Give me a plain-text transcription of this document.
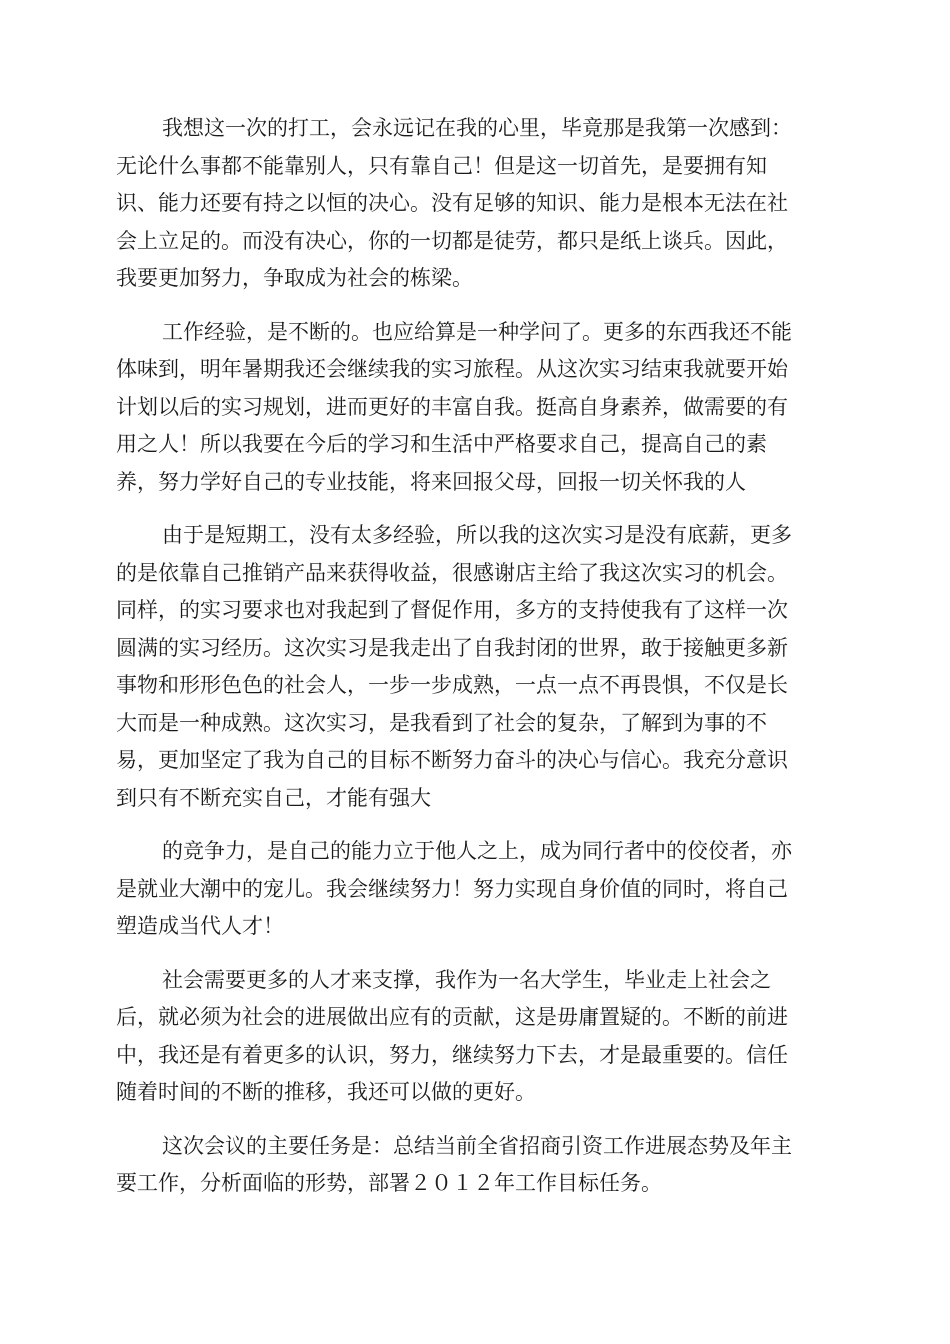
我想这一次的打工，会永远记在我的心里，毕竟那是我第一次感到：
无论什么事都不能靠别人，只有靠自己！但是这一切首先，是要拥有知
识、能力还要有持之以恒的决心。没有足够的知识、能力是根本无法在社
会上立足的。而没有决心，你的一切都是徒劳，都只是纸上谈兵。因此，
我要更加努力，争取成为社会的栋梁。

工作经验，是不断的。也应给算是一种学问了。更多的东西我还不能
体味到，明年暑期我还会继续我的实习旅程。从这次实习结束我就要开始
计划以后的实习规划，进而更好的丰富自我。挺高自身素养，做需要的有
用之人！所以我要在今后的学习和生活中严格要求自己，提高自己的素
养，努力学好自己的专业技能，将来回报父母，回报一切关怀我的人

由于是短期工，没有太多经验，所以我的这次实习是没有底薪，更多
的是依靠自己推销产品来获得收益，很感谢店主给了我这次实习的机会。
同样，的实习要求也对我起到了督促作用，多方的支持使我有了这样一次
圆满的实习经历。这次实习是我走出了自我封闭的世界，敢于接触更多新
事物和形形色色的社会人，一步一步成熟，一点一点不再畏惧，不仅是长
大而是一种成熟。这次实习，是我看到了社会的复杂，了解到为事的不
易，更加坚定了我为自己的目标不断努力奋斗的决心与信心。我充分意识
到只有不断充实自己，才能有强大

的竞争力，是自己的能力立于他人之上，成为同行者中的佼佼者，亦
是就业大潮中的宠儿。我会继续努力！努力实现自身价值的同时，将自己
塑造成当代人才！

社会需要更多的人才来支撑，我作为一名大学生，毕业走上社会之
后，就必须为社会的进展做出应有的贡献，这是毋庸置疑的。不断的前进
中，我还是有着更多的认识，努力，继续努力下去，才是最重要的。信任
随着时间的不断的推移，我还可以做的更好。

这次会议的主要任务是：总结当前全省招商引资工作进展态势及年主
要工作，分析面临的形势，部署２０１２年工作目标任务。
